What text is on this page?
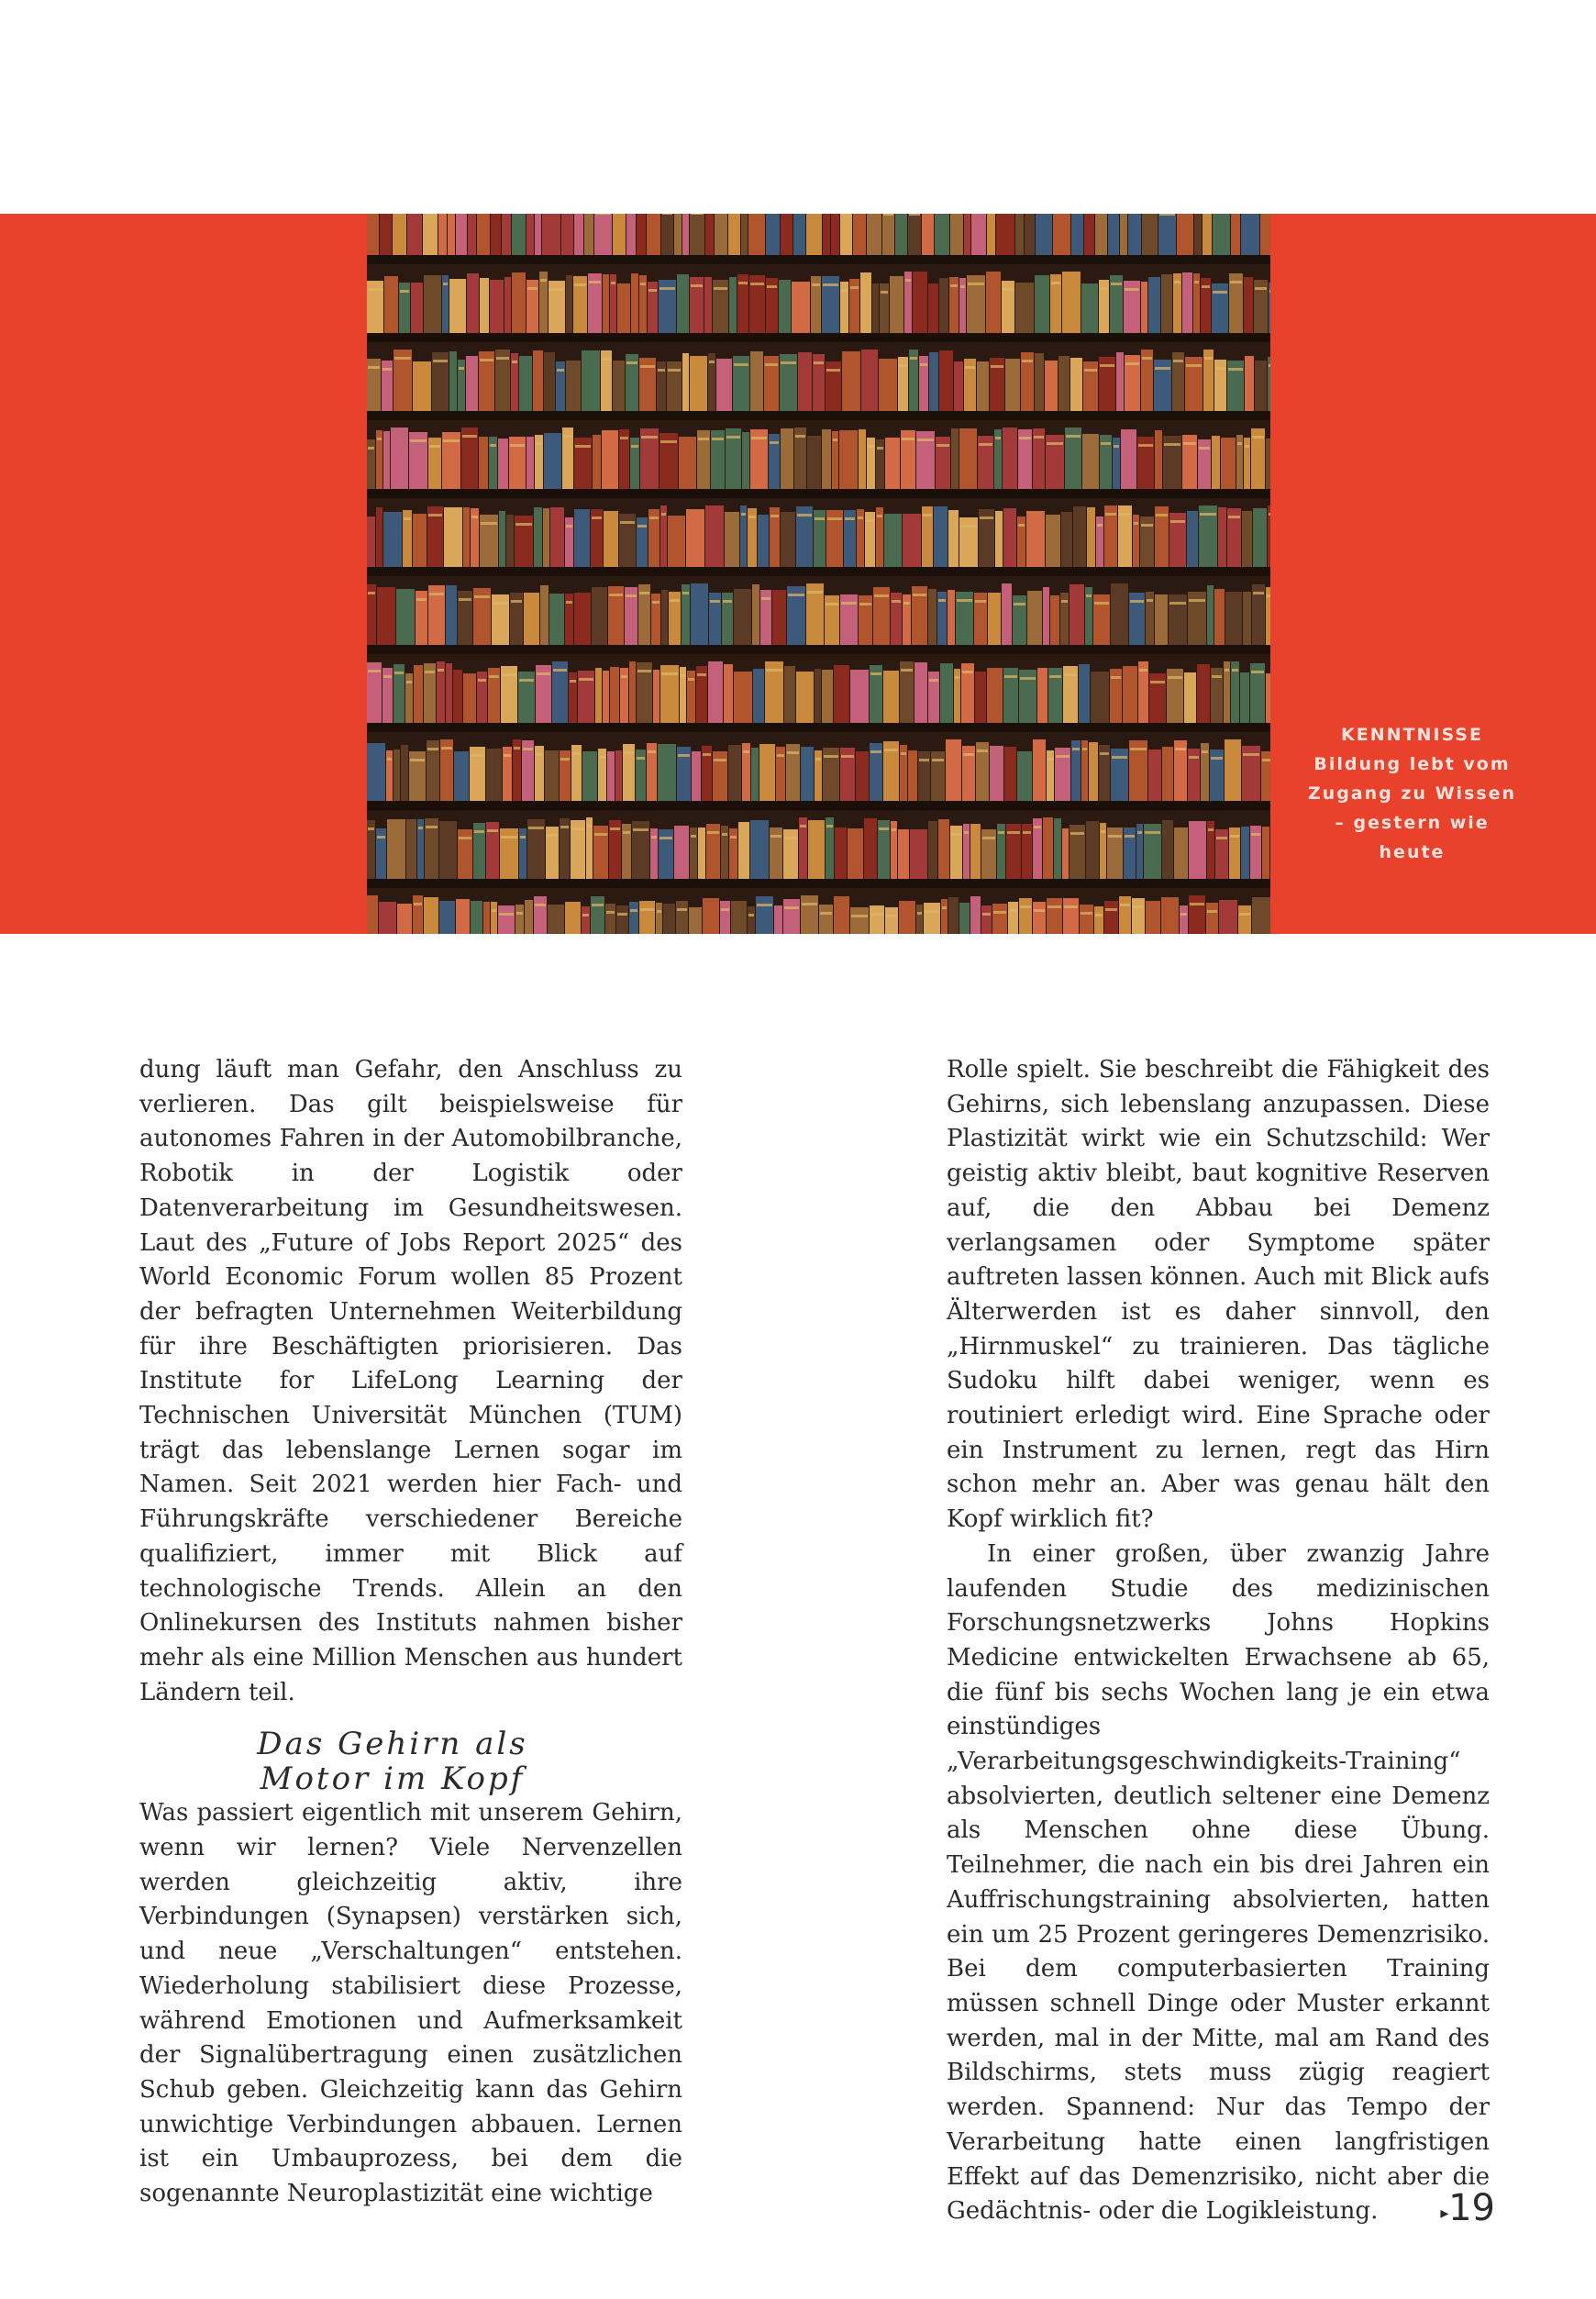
KENNTNISSE
Bildung lebt vom Zugang zu Wissen – gestern wie heute

dung läuft man Gefahr, den Anschluss zu verlieren. Das gilt beispielsweise für autonomes Fahren in der Automobilbranche, Robotik in der Logistik oder Datenverarbeitung im Gesundheitswesen. Laut des „Future of Jobs Report 2025“ des World Economic Forum wollen 85 Prozent der befragten Unternehmen Weiterbildung für ihre Beschäftigten priorisieren. Das Institute for LifeLong Learning der Technischen Universität München (TUM) trägt das lebenslange Lernen sogar im Namen. Seit 2021 werden hier Fach- und Führungskräfte verschiedener Bereiche qualifiziert, immer mit Blick auf technologische Trends. Allein an den Onlinekursen des Instituts nahmen bisher mehr als eine Million Menschen aus hundert Ländern teil.

Das Gehirn als
Motor im Kopf

Was passiert eigentlich mit unserem Gehirn, wenn wir lernen? Viele Nervenzellen werden gleichzeitig aktiv, ihre Verbindungen (Synapsen) verstärken sich, und neue „Verschaltungen“ entstehen. Wiederholung stabilisiert diese Prozesse, während Emotionen und Aufmerksamkeit der Signalübertragung einen zusätzlichen Schub geben. Gleichzeitig kann das Gehirn unwichtige Verbindungen abbauen. Lernen ist ein Umbauprozess, bei dem die sogenannte Neuroplastizität eine wichtige

Rolle spielt. Sie beschreibt die Fähigkeit des Gehirns, sich lebenslang anzupassen. Diese Plastizität wirkt wie ein Schutzschild: Wer geistig aktiv bleibt, baut kognitive Reserven auf, die den Abbau bei Demenz verlangsamen oder Symptome später auftreten lassen können. Auch mit Blick aufs Älterwerden ist es daher sinnvoll, den „Hirnmuskel“ zu trainieren. Das tägliche Sudoku hilft dabei weniger, wenn es routiniert erledigt wird. Eine Sprache oder ein Instrument zu lernen, regt das Hirn schon mehr an. Aber was genau hält den Kopf wirklich fit?

In einer großen, über zwanzig Jahre laufenden Studie des medizinischen Forschungsnetzwerks Johns Hopkins Medicine entwickelten Erwachsene ab 65, die fünf bis sechs Wochen lang je ein etwa einstündiges „Verarbeitungsgeschwindigkeits-Training“ absolvierten, deutlich seltener eine Demenz als Menschen ohne diese Übung. Teilnehmer, die nach ein bis drei Jahren ein Auffrischungstraining absolvierten, hatten ein um 25 Prozent geringeres Demenzrisiko. Bei dem computerbasierten Training müssen schnell Dinge oder Muster erkannt werden, mal in der Mitte, mal am Rand des Bildschirms, stets muss zügig reagiert werden. Spannend: Nur das Tempo der Verarbeitung hatte einen langfristigen Effekt auf das Demenzrisiko, nicht aber die Gedächtnis- oder die Logikleistung.	▸ 19
